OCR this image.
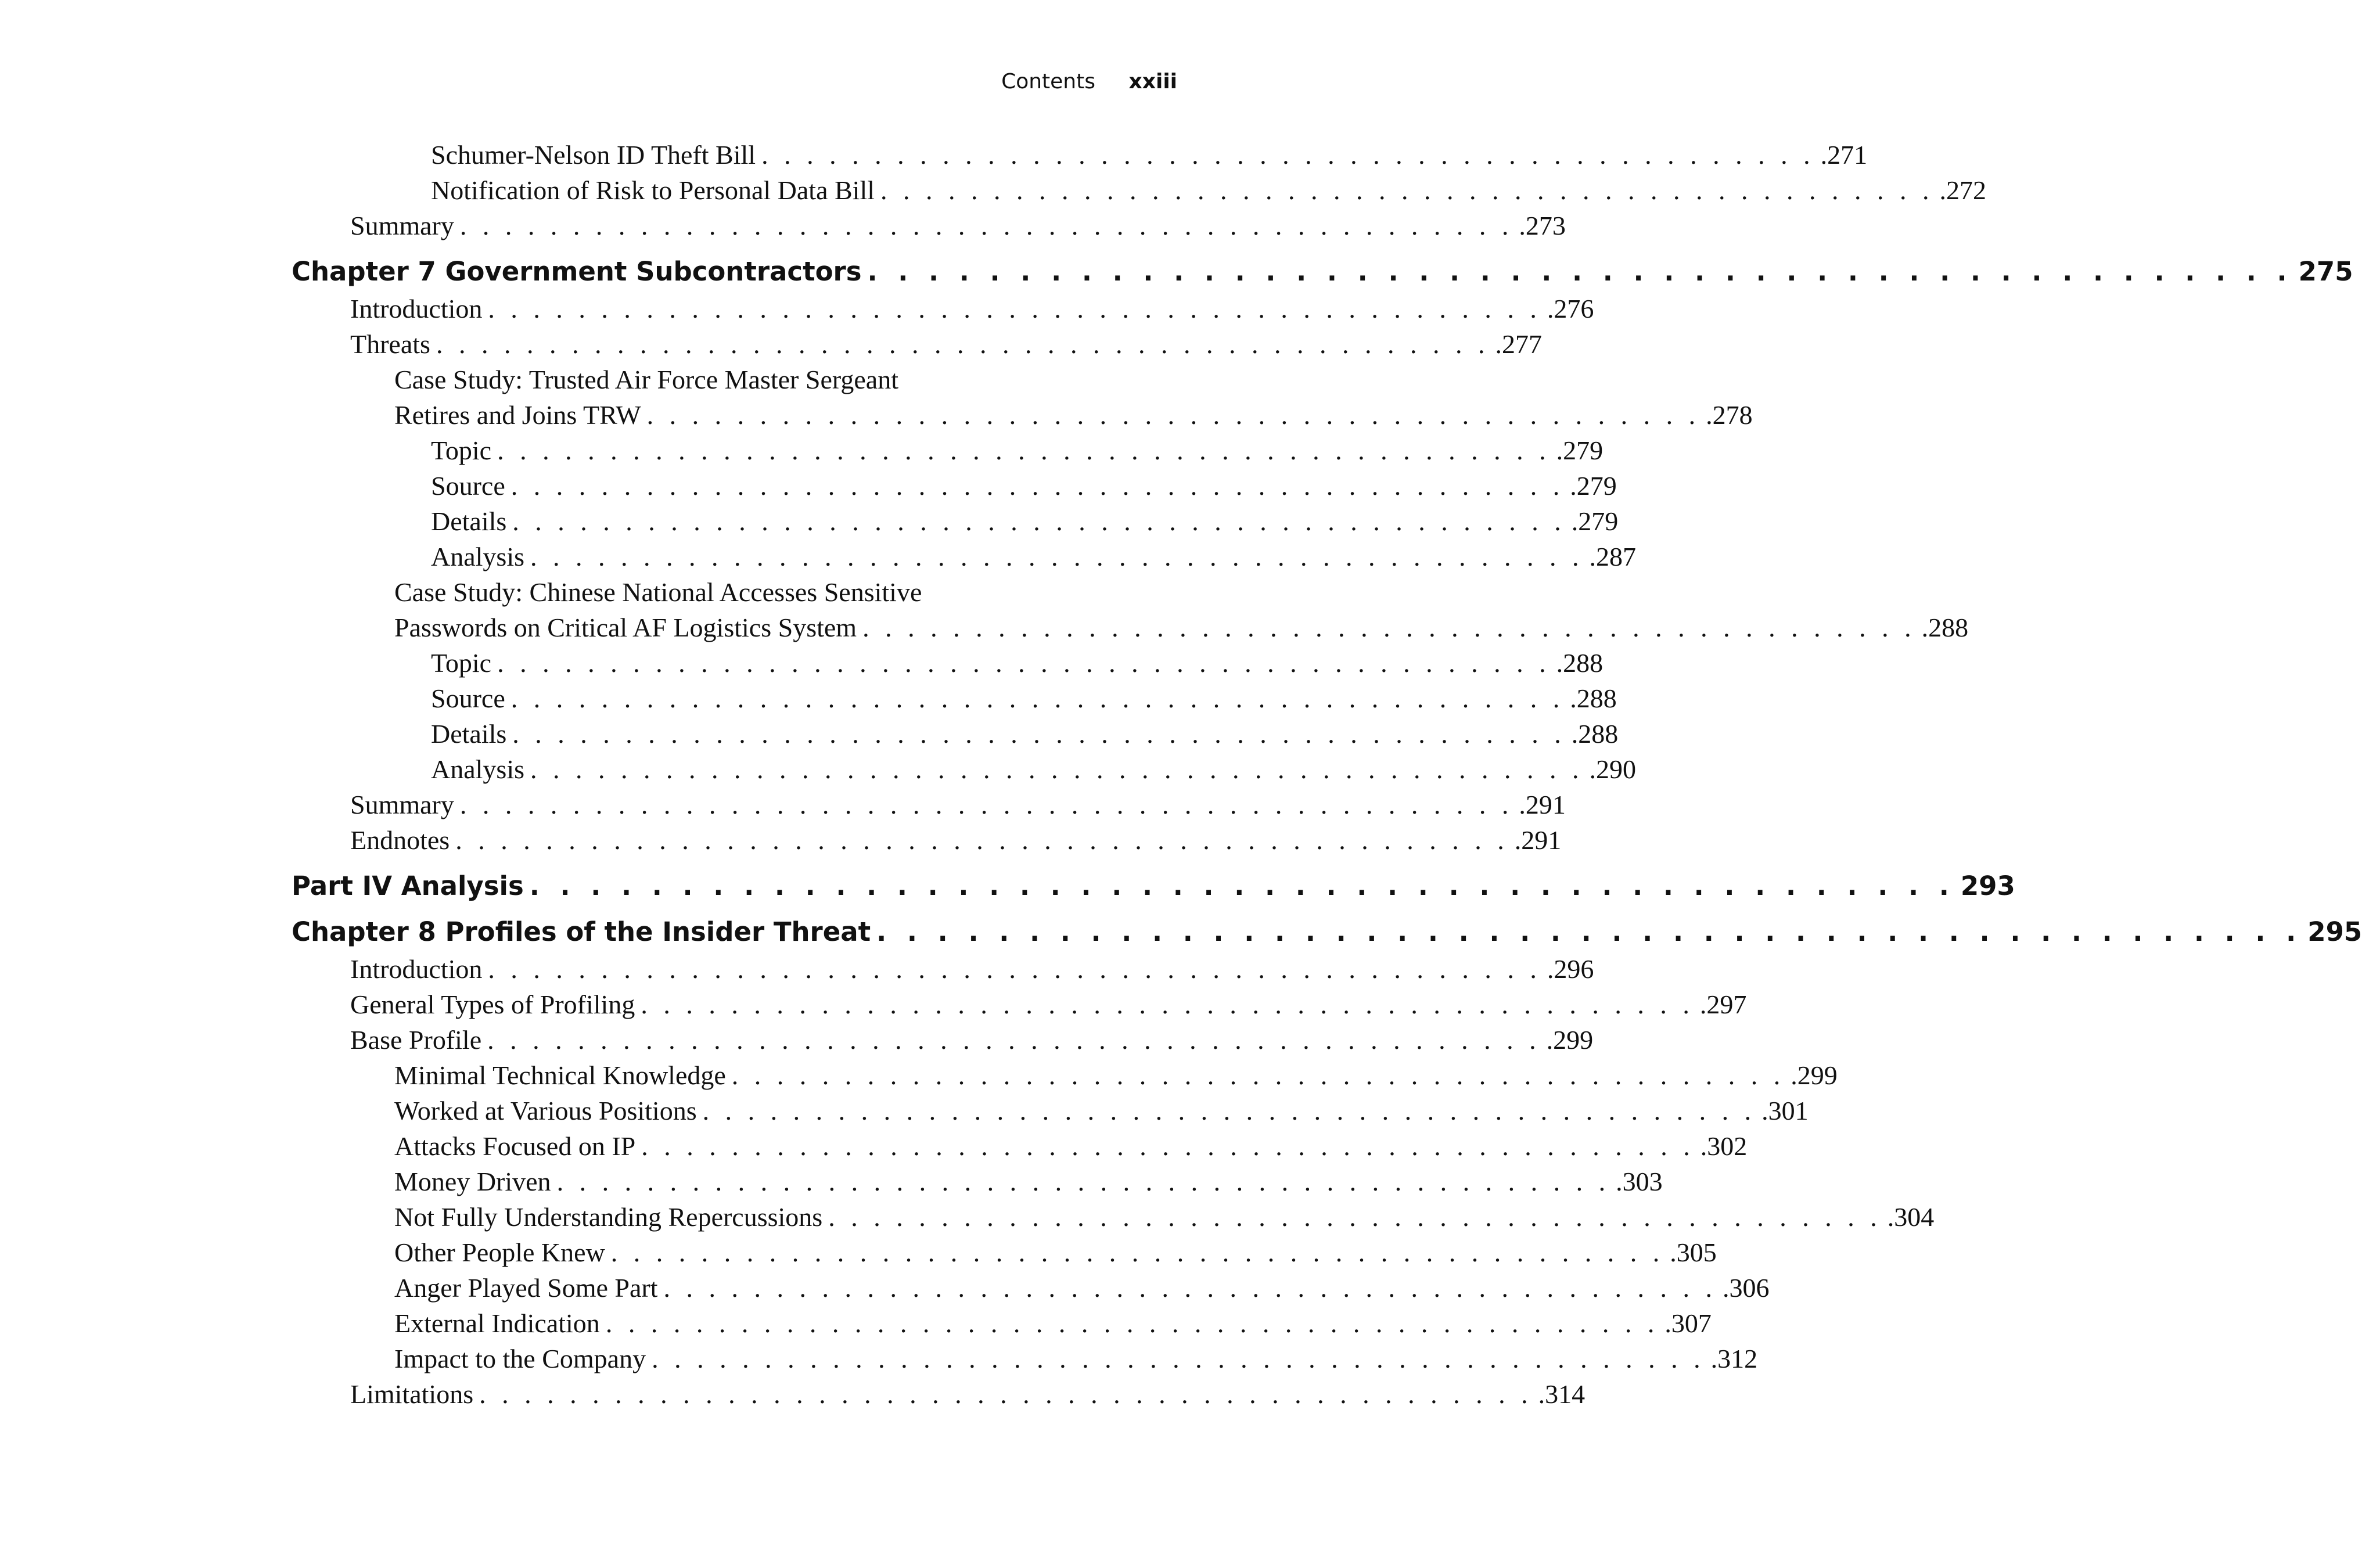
Contents xxiii
Schumer-Nelson ID Theft Bill . . . . . . . . . . . . . . . . . . . . . . . . . . . . . . . . . . . . . . . . . . . . . . . .271
Notification of Risk to Personal Data Bill . . . . . . . . . . . . . . . . . . . . . . . . . . . . . . . . . . . . . . . . . . . . . . . .272
Summary . . . . . . . . . . . . . . . . . . . . . . . . . . . . . . . . . . . . . . . . . . . . . . . .273
Chapter 7 Government Subcontractors . . . . . . . . . . . . . . . . . . . . . . . . . . . . . . . . . . . . . . . . . . . . . . . 275
Introduction . . . . . . . . . . . . . . . . . . . . . . . . . . . . . . . . . . . . . . . . . . . . . . . .276
Threats . . . . . . . . . . . . . . . . . . . . . . . . . . . . . . . . . . . . . . . . . . . . . . . .277
Case Study: Trusted Air Force Master Sergeant
Retires and Joins TRW . . . . . . . . . . . . . . . . . . . . . . . . . . . . . . . . . . . . . . . . . . . . . . . .278
Topic . . . . . . . . . . . . . . . . . . . . . . . . . . . . . . . . . . . . . . . . . . . . . . . .279
Source . . . . . . . . . . . . . . . . . . . . . . . . . . . . . . . . . . . . . . . . . . . . . . . .279
Details . . . . . . . . . . . . . . . . . . . . . . . . . . . . . . . . . . . . . . . . . . . . . . . .279
Analysis . . . . . . . . . . . . . . . . . . . . . . . . . . . . . . . . . . . . . . . . . . . . . . . .287
Case Study: Chinese National Accesses Sensitive
Passwords on Critical AF Logistics System . . . . . . . . . . . . . . . . . . . . . . . . . . . . . . . . . . . . . . . . . . . . . . . .288
Topic . . . . . . . . . . . . . . . . . . . . . . . . . . . . . . . . . . . . . . . . . . . . . . . .288
Source . . . . . . . . . . . . . . . . . . . . . . . . . . . . . . . . . . . . . . . . . . . . . . . .288
Details . . . . . . . . . . . . . . . . . . . . . . . . . . . . . . . . . . . . . . . . . . . . . . . .288
Analysis . . . . . . . . . . . . . . . . . . . . . . . . . . . . . . . . . . . . . . . . . . . . . . . .290
Summary . . . . . . . . . . . . . . . . . . . . . . . . . . . . . . . . . . . . . . . . . . . . . . . .291
Endnotes . . . . . . . . . . . . . . . . . . . . . . . . . . . . . . . . . . . . . . . . . . . . . . . .291
Part IV Analysis . . . . . . . . . . . . . . . . . . . . . . . . . . . . . . . . . . . . . . . . . . . . . . . 293
Chapter 8 Profiles of the Insider Threat . . . . . . . . . . . . . . . . . . . . . . . . . . . . . . . . . . . . . . . . . . . . . . . 295
Introduction . . . . . . . . . . . . . . . . . . . . . . . . . . . . . . . . . . . . . . . . . . . . . . . .296
General Types of Profiling . . . . . . . . . . . . . . . . . . . . . . . . . . . . . . . . . . . . . . . . . . . . . . . .297
Base Profile . . . . . . . . . . . . . . . . . . . . . . . . . . . . . . . . . . . . . . . . . . . . . . . .299
Minimal Technical Knowledge . . . . . . . . . . . . . . . . . . . . . . . . . . . . . . . . . . . . . . . . . . . . . . . .299
Worked at Various Positions . . . . . . . . . . . . . . . . . . . . . . . . . . . . . . . . . . . . . . . . . . . . . . . .301
Attacks Focused on IP . . . . . . . . . . . . . . . . . . . . . . . . . . . . . . . . . . . . . . . . . . . . . . . .302
Money Driven . . . . . . . . . . . . . . . . . . . . . . . . . . . . . . . . . . . . . . . . . . . . . . . .303
Not Fully Understanding Repercussions . . . . . . . . . . . . . . . . . . . . . . . . . . . . . . . . . . . . . . . . . . . . . . . .304
Other People Knew . . . . . . . . . . . . . . . . . . . . . . . . . . . . . . . . . . . . . . . . . . . . . . . .305
Anger Played Some Part . . . . . . . . . . . . . . . . . . . . . . . . . . . . . . . . . . . . . . . . . . . . . . . .306
External Indication . . . . . . . . . . . . . . . . . . . . . . . . . . . . . . . . . . . . . . . . . . . . . . . .307
Impact to the Company . . . . . . . . . . . . . . . . . . . . . . . . . . . . . . . . . . . . . . . . . . . . . . . .312
Limitations . . . . . . . . . . . . . . . . . . . . . . . . . . . . . . . . . . . . . . . . . . . . . . . .314
